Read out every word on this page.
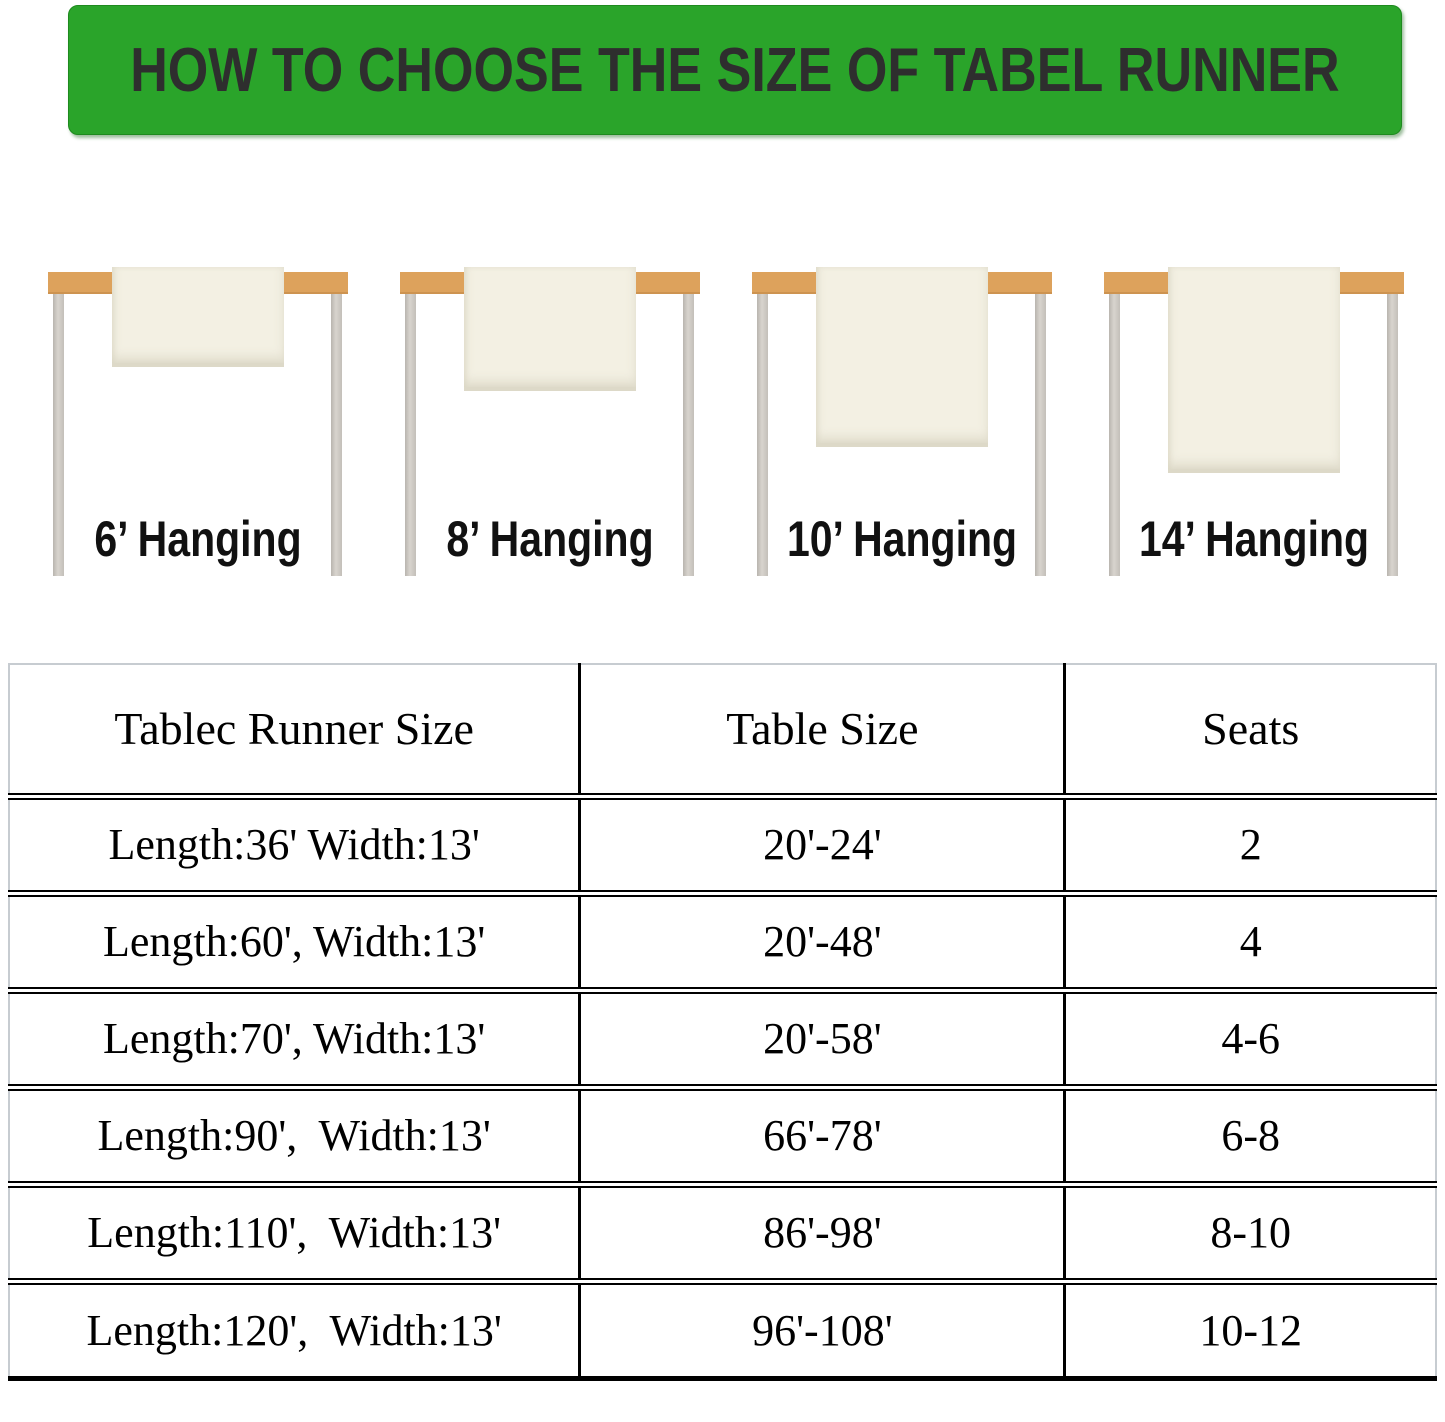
HOW TO CHOOSE THE SIZE OF TABEL RUNNER
6’ Hanging	8’ Hanging	10’ Hanging 14’ Hanging
Tablec Runner Size	Table Size	Seats
Length:36' Width:13'	20'-24'	2
Length:60', Width:13'	20'-48'	4
Length:70', Width:13'	20'-58'	4-6
Length:90',  Width:13'	66'-78'	6-8
Length:110',  Width:13'	86'-98'	8-10
Length:120',  Width:13'	96'-108'	10-12
